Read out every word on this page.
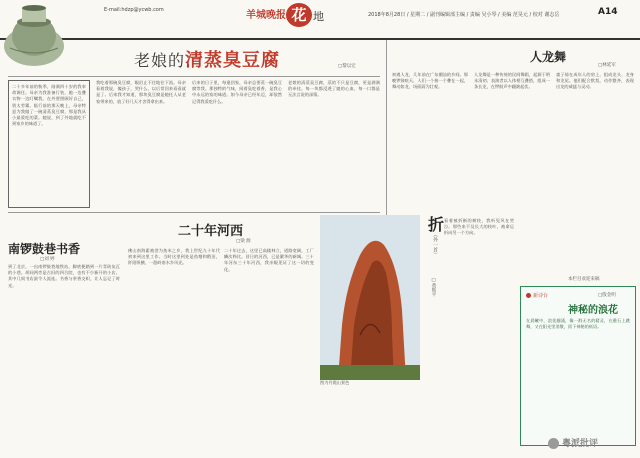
E-mail:hdzp@ycwb.com	羊城晚报 花 地	2018年8月28日 / 星期二 / 副刊编辑部主编 / 责编 吴小琴 / 美编 范昊元 / 校对 谢志岳	A14
老娘的清蒸臭豆腐	□黎以宏
二十多年前的秋季，刚满四十岁的我奉命调任。母亲为我准备行装，她一边叠衣物一边叮嘱我。在外要照顾好自己，别太劳累。临行前的那天晚上，母亲特意为我做了一碗清蒸臭豆腐，那是我从小最爱吃的菜。她说，到了外地就吃不到家乡的味道了。
我吃着那碗臭豆腐，眼泪止不住地往下流。母亲看着我说，傻孩子，哭什么，以后常回来看看就是了。后来我才知道，那块臭豆腐是她托人从老家带来的，放了好几天才舍得拿出来。
后来的日子里，每逢回家，母亲总要蒸一碗臭豆腐等我。那独特的气味，闻着臭吃着香，是我心中永远的家的味道。如今母亲已经年迈，却依然记得我爱吃什么。
老娘的清蒸臭豆腐，蒸的不只是豆腐，更是满满的牵挂。每一块都浸透了她的心血，每一口都是无法言说的深情。
人龙舞
□林延军
初遇人龙，几年前在广东潮汕的乡间。那晚锣鼓喧天，人们一个接一个叠在一起，舞动如龙，场面蔚为壮观。
人龙舞是一种传统的民间舞蹈，起源于明末清初。表演者以人体相互叠搭，组成一条长龙，在锣鼓声中翻滚起伏。
童子骑在成年人的肩上，组成龙头、龙身和龙尾。他们配合默契，动作整齐，表现出龙的威猛与灵动。
本栏目欢迎来稿
南锣鼓巷书香
□刘 婷
到了北京，一出南锣鼓巷地铁站，脚底便踏到一片青砖灰瓦的小巷。胡同两旁是古旧的四合院，也有不少新开的小店，其中几间书店最令人流连。书香与茶香交织，让人忘记了时光。
二十年河西
□梁 源
佛山南海素被誉为鱼米之乡，我上世纪九十年代初来到这里工作。当时这里到处是鱼塘和稻田，阡陌纵横，一派岭南水乡风光。
二十年过去，这里已高楼林立，道路宽阔，工厂鳞次栉比。昔日的河西，已是繁华的新城。三十年河东三十年河西，我亲眼见证了这一切的变化。
图为丹霞山景色
折
（外一首）
□黄熙平
看着被折断的树枝，我听见风在哭泣。那些来不及长大的枝叶，被命运折向另一个方向。
新诗台	□殷金明
神秘的浪花
在晨曦中，浪花翻涌，像一群无名的精灵，在礁石上跳舞，又在阳光里消散，留下神秘的低语。
粤派批评
